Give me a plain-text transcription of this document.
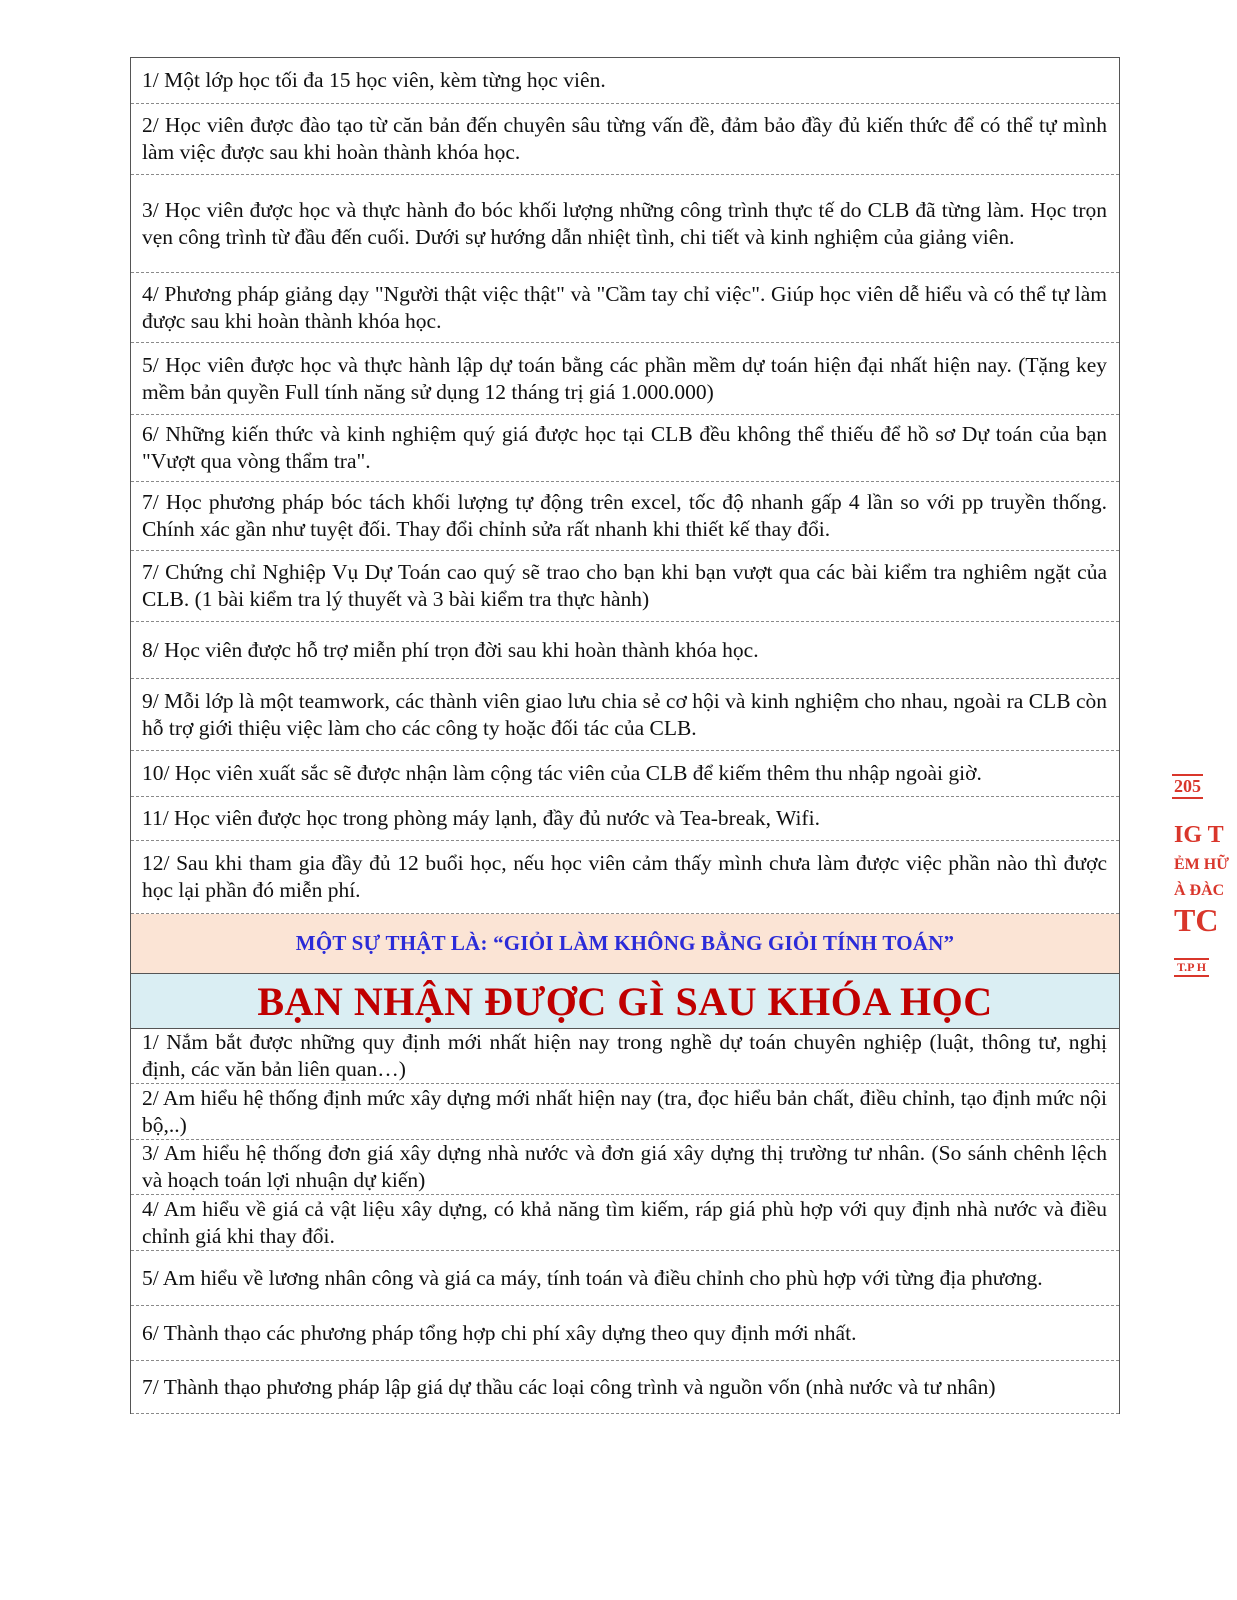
1/ Một lớp học tối đa 15 học viên, kèm từng học viên.
2/ Học viên được đào tạo từ căn bản đến chuyên sâu từng vấn đề, đảm bảo đầy đủ kiến thức để có thể tự mình làm việc được sau khi hoàn thành khóa học.
3/ Học viên được học và thực hành đo bóc khối lượng những công trình thực tế do CLB đã từng làm. Học trọn vẹn công trình từ đầu đến cuối. Dưới sự hướng dẫn nhiệt tình, chi tiết và kinh nghiệm của giảng viên.
4/ Phương pháp giảng dạy "Người thật việc thật" và "Cầm tay chỉ việc". Giúp học viên dễ hiểu và có thể tự làm được sau khi hoàn thành khóa học.
5/ Học viên được học và thực hành lập dự toán bằng các phần mềm dự toán hiện đại nhất hiện nay. (Tặng key mềm bản quyền Full tính năng sử dụng 12 tháng trị giá 1.000.000)
6/ Những kiến thức và kinh nghiệm quý giá được học tại CLB đều không thể thiếu để hồ sơ Dự toán của bạn "Vượt qua vòng thẩm tra".
7/ Học phương pháp bóc tách khối lượng tự động trên excel, tốc độ nhanh gấp 4 lần so với pp truyền thống. Chính xác gần như tuyệt đối. Thay đổi chỉnh sửa rất nhanh khi thiết kế thay đổi.
7/ Chứng chỉ Nghiệp Vụ Dự Toán cao quý sẽ trao cho bạn khi bạn vượt qua các bài kiểm tra nghiêm ngặt của CLB. (1 bài kiểm tra lý thuyết và 3 bài kiểm tra thực hành)
8/ Học viên được hỗ trợ miễn phí trọn đời sau khi hoàn thành khóa học.
9/ Mỗi lớp là một teamwork, các thành viên giao lưu chia sẻ cơ hội và kinh nghiệm cho nhau, ngoài ra CLB còn hỗ trợ giới thiệu việc làm cho các công ty hoặc đối tác của CLB.
10/ Học viên xuất sắc sẽ được nhận làm cộng tác viên của CLB để kiếm thêm thu nhập ngoài giờ.
11/ Học viên được học trong phòng máy lạnh, đầy đủ nước và Tea-break, Wifi.
12/ Sau khi tham gia đầy đủ 12 buổi học, nếu học viên cảm thấy mình chưa làm được việc phần nào thì được học lại phần đó miễn phí.
MỘT SỰ THẬT LÀ: “GIỎI LÀM KHÔNG BẰNG GIỎI TÍNH TOÁN”
BẠN NHẬN ĐƯỢC GÌ SAU KHÓA HỌC
1/ Nắm bắt được những quy định mới nhất hiện nay trong nghề dự toán chuyên nghiệp (luật, thông tư, nghị định, các văn bản liên quan…)
2/ Am hiểu hệ thống định mức xây dựng mới nhất hiện nay (tra, đọc hiểu bản chất, điều chỉnh, tạo định mức nội bộ,..)
3/ Am hiểu hệ thống đơn giá xây dựng nhà nước và đơn giá xây dựng thị trường tư nhân. (So sánh chênh lệch và hoạch toán lợi nhuận dự kiến)
4/ Am hiểu về giá cả vật liệu xây dựng, có khả năng tìm kiếm, ráp giá phù hợp với quy định nhà nước và điều chỉnh giá khi thay đổi.
5/ Am hiểu về lương nhân công và giá ca máy, tính toán và điều chỉnh cho phù hợp với từng địa phương.
6/ Thành thạo các phương pháp tổng hợp chi phí xây dựng theo quy định mới nhất.
7/ Thành thạo phương pháp lập giá dự thầu các loại công trình và nguồn vốn (nhà nước và tư nhân)
205
IG T
ẺM HỮ
À ĐÀC
TC
T.P H
